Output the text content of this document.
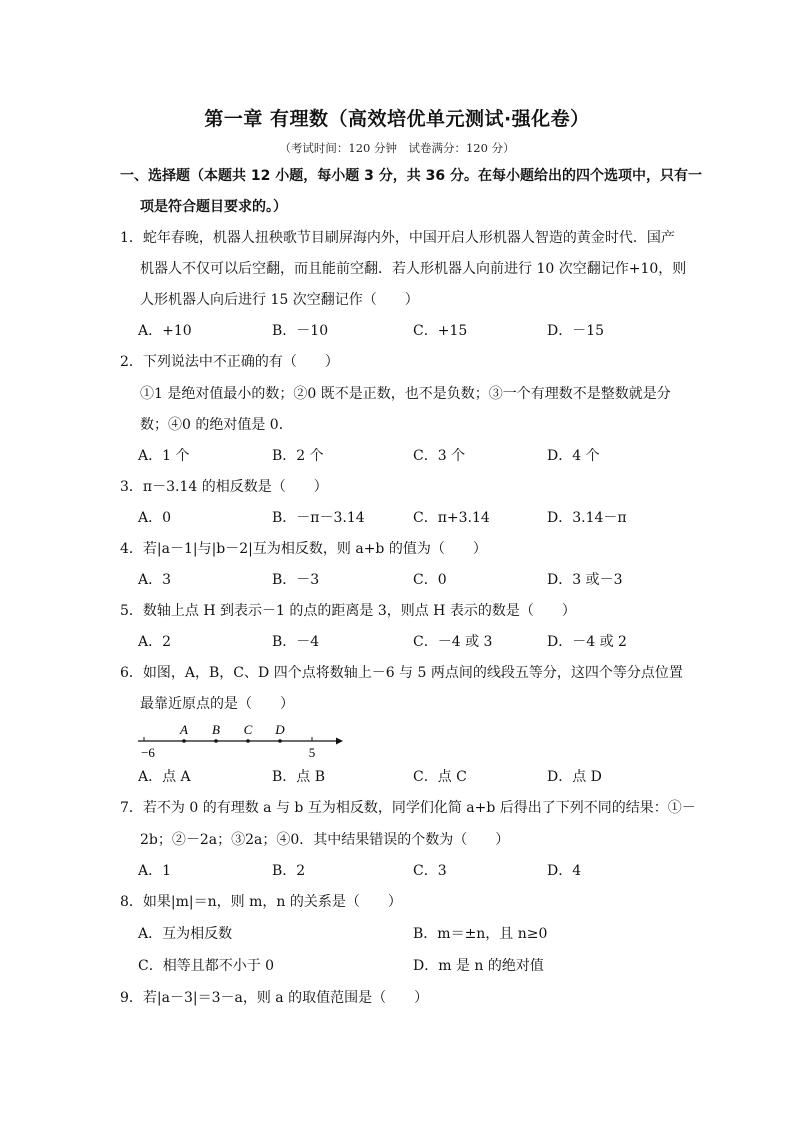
第一章 有理数（高效培优单元测试·强化卷）
（考试时间：120 分钟　试卷满分：120 分）
一、选择题（本题共 12 小题，每小题 3 分，共 36 分。在每小题给出的四个选项中，只有一
项是符合题目要求的。）
1．蛇年春晚，机器人扭秧歌节目刷屏海内外，中国开启人形机器人智造的黄金时代．国产
机器人不仅可以后空翻，而且能前空翻．若人形机器人向前进行 10 次空翻记作+10，则
人形机器人向后进行 15 次空翻记作（　　）
A．+10	B．－10	C．+15	D．－15
2．下列说法中不正确的有（　　）
①1 是绝对值最小的数；②0 既不是正数，也不是负数；③一个有理数不是整数就是分
数；④0 的绝对值是 0．
A．1 个	B．2 个	C．3 个	D．4 个
3．π－3.14 的相反数是（　　）
A．0	B．－π－3.14	C．π+3.14	D．3.14－π
4．若|a－1|与|b－2|互为相反数，则 a+b 的值为（　　）
A．3	B．－3	C．0	D．3 或－3
5．数轴上点 H 到表示－1 的点的距离是 3，则点 H 表示的数是（　　）
A．2	B．－4	C．－4 或 3	D．－4 或 2
6．如图，A，B，C、D 四个点将数轴上－6 与 5 两点间的线段五等分，这四个等分点位置
最靠近原点的是（　　）
A B C D
−6	5
A．点 A	B．点 B	C．点 C	D．点 D
7．若不为 0 的有理数 a 与 b 互为相反数，同学们化简 a+b 后得出了下列不同的结果：①－
2b；②－2a；③2a；④0．其中结果错误的个数为（　　）
A．1	B．2	C．3	D．4
8．如果|m|＝n，则 m，n 的关系是（　　）
A．互为相反数	B．m＝±n，且 n≥0
C．相等且都不小于 0	D．m 是 n 的绝对值
9．若|a－3|＝3－a，则 a 的取值范围是（　　）
